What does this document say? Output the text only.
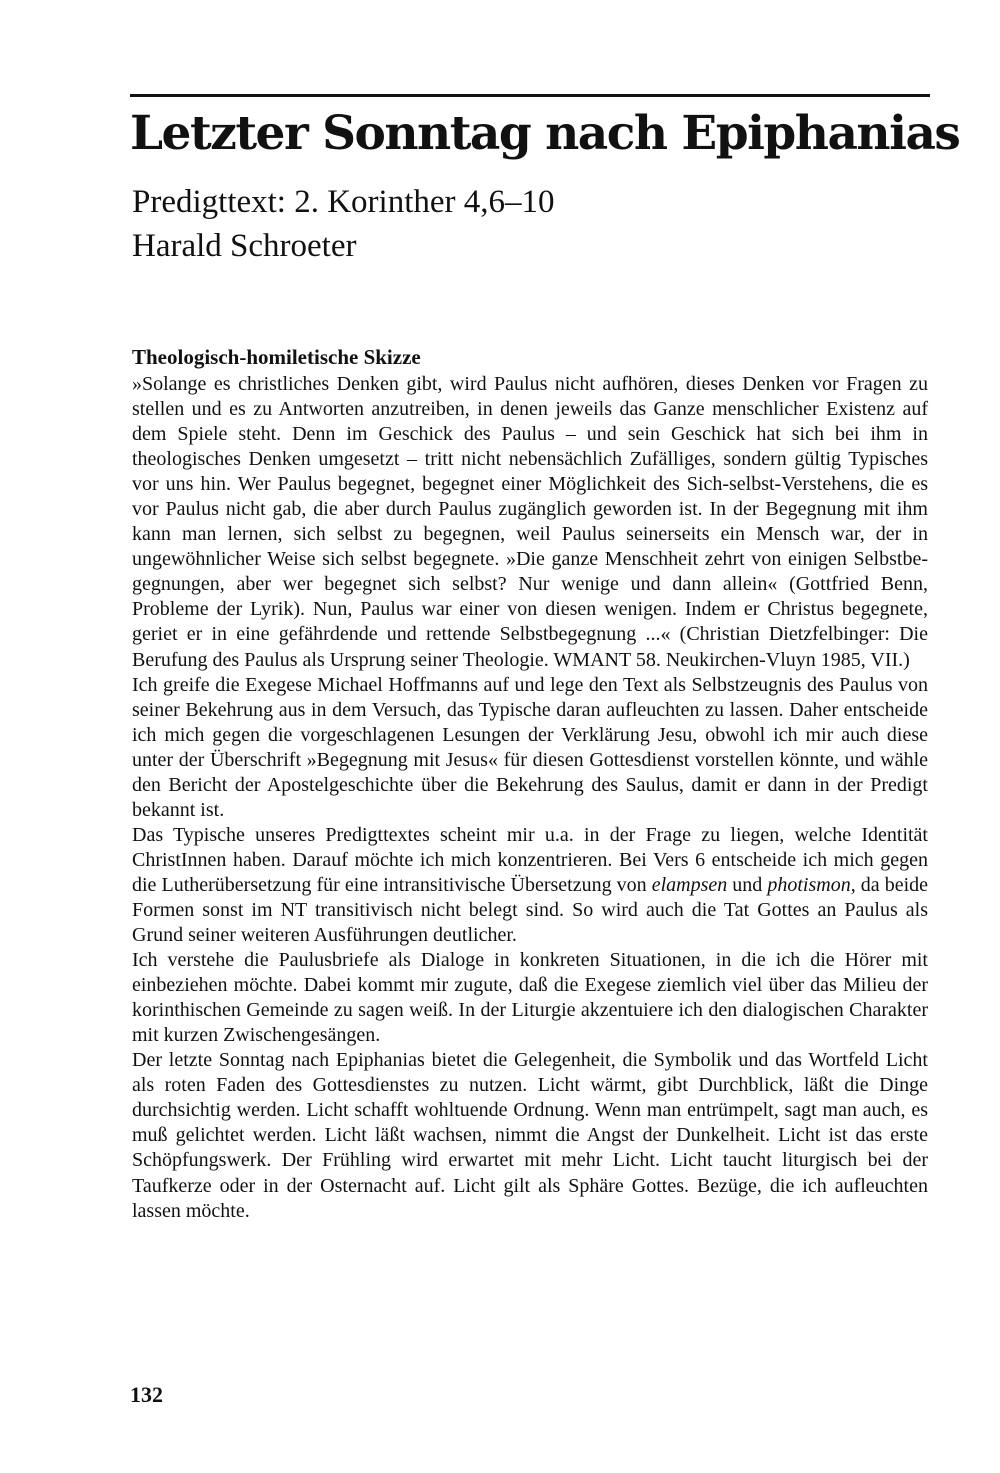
Letzter Sonntag nach Epiphanias
Predigttext: 2. Korinther 4,6–10
Harald Schroeter
Theologisch-homiletische Skizze

»Solange es christliches Denken gibt, wird Paulus nicht aufhören, dieses Denken vor Fragen zu stellen und es zu Antworten anzutreiben, in denen jeweils das Ganze menschlicher Existenz auf dem Spiele steht. Denn im Geschick des Paulus – und sein Geschick hat sich bei ihm in theologisches Denken umgesetzt – tritt nicht nebensächlich Zufälliges, sondern gültig Typisches vor uns hin. Wer Paulus begegnet, begegnet einer Möglichkeit des Sich-selbst-Verstehens, die es vor Paulus nicht gab, die aber durch Paulus zugänglich geworden ist. In der Begegnung mit ihm kann man lernen, sich selbst zu begegnen, weil Paulus seinerseits ein Mensch war, der in ungewöhnlicher Weise sich selbst begegnete. »Die ganze Menschheit zehrt von einigen Selbstbegegnungen, aber wer begegnet sich selbst? Nur wenige und dann allein« (Gottfried Benn, Probleme der Lyrik). Nun, Paulus war einer von diesen wenigen. Indem er Christus begegnete, geriet er in eine gefährdende und rettende Selbstbegegnung ...« (Christian Dietzfelbinger: Die Berufung des Paulus als Ursprung seiner Theologie. WMANT 58. Neukirchen-Vluyn 1985, VII.)

Ich greife die Exegese Michael Hoffmanns auf und lege den Text als Selbstzeugnis des Paulus von seiner Bekehrung aus in dem Versuch, das Typische daran aufleuchten zu lassen. Daher entscheide ich mich gegen die vorgeschlagenen Lesungen der Verklärung Jesu, obwohl ich mir auch diese unter der Überschrift »Begegnung mit Jesus« für diesen Gottesdienst vorstellen könnte, und wähle den Bericht der Apostelgeschichte über die Bekehrung des Saulus, damit er dann in der Predigt bekannt ist.

Das Typische unseres Predigttextes scheint mir u.a. in der Frage zu liegen, welche Identität ChristInnen haben. Darauf möchte ich mich konzentrieren. Bei Vers 6 entscheide ich mich gegen die Lutherübersetzung für eine intransitivische Übersetzung von elampsen und photismon, da beide Formen sonst im NT transitivisch nicht belegt sind. So wird auch die Tat Gottes an Paulus als Grund seiner weiteren Ausführungen deutlicher.

Ich verstehe die Paulusbriefe als Dialoge in konkreten Situationen, in die ich die Hörer mit einbeziehen möchte. Dabei kommt mir zugute, daß die Exegese ziemlich viel über das Milieu der korinthischen Gemeinde zu sagen weiß. In der Liturgie akzentuiere ich den dialogischen Charakter mit kurzen Zwischengesängen.

Der letzte Sonntag nach Epiphanias bietet die Gelegenheit, die Symbolik und das Wortfeld Licht als roten Faden des Gottesdienstes zu nutzen. Licht wärmt, gibt Durchblick, läßt die Dinge durchsichtig werden. Licht schafft wohltuende Ordnung. Wenn man entrümpelt, sagt man auch, es muß gelichtet werden. Licht läßt wachsen, nimmt die Angst der Dunkelheit. Licht ist das erste Schöpfungswerk. Der Frühling wird erwartet mit mehr Licht. Licht taucht liturgisch bei der Taufkerze oder in der Osternacht auf. Licht gilt als Sphäre Gottes. Bezüge, die ich aufleuchten lassen möchte.

132
